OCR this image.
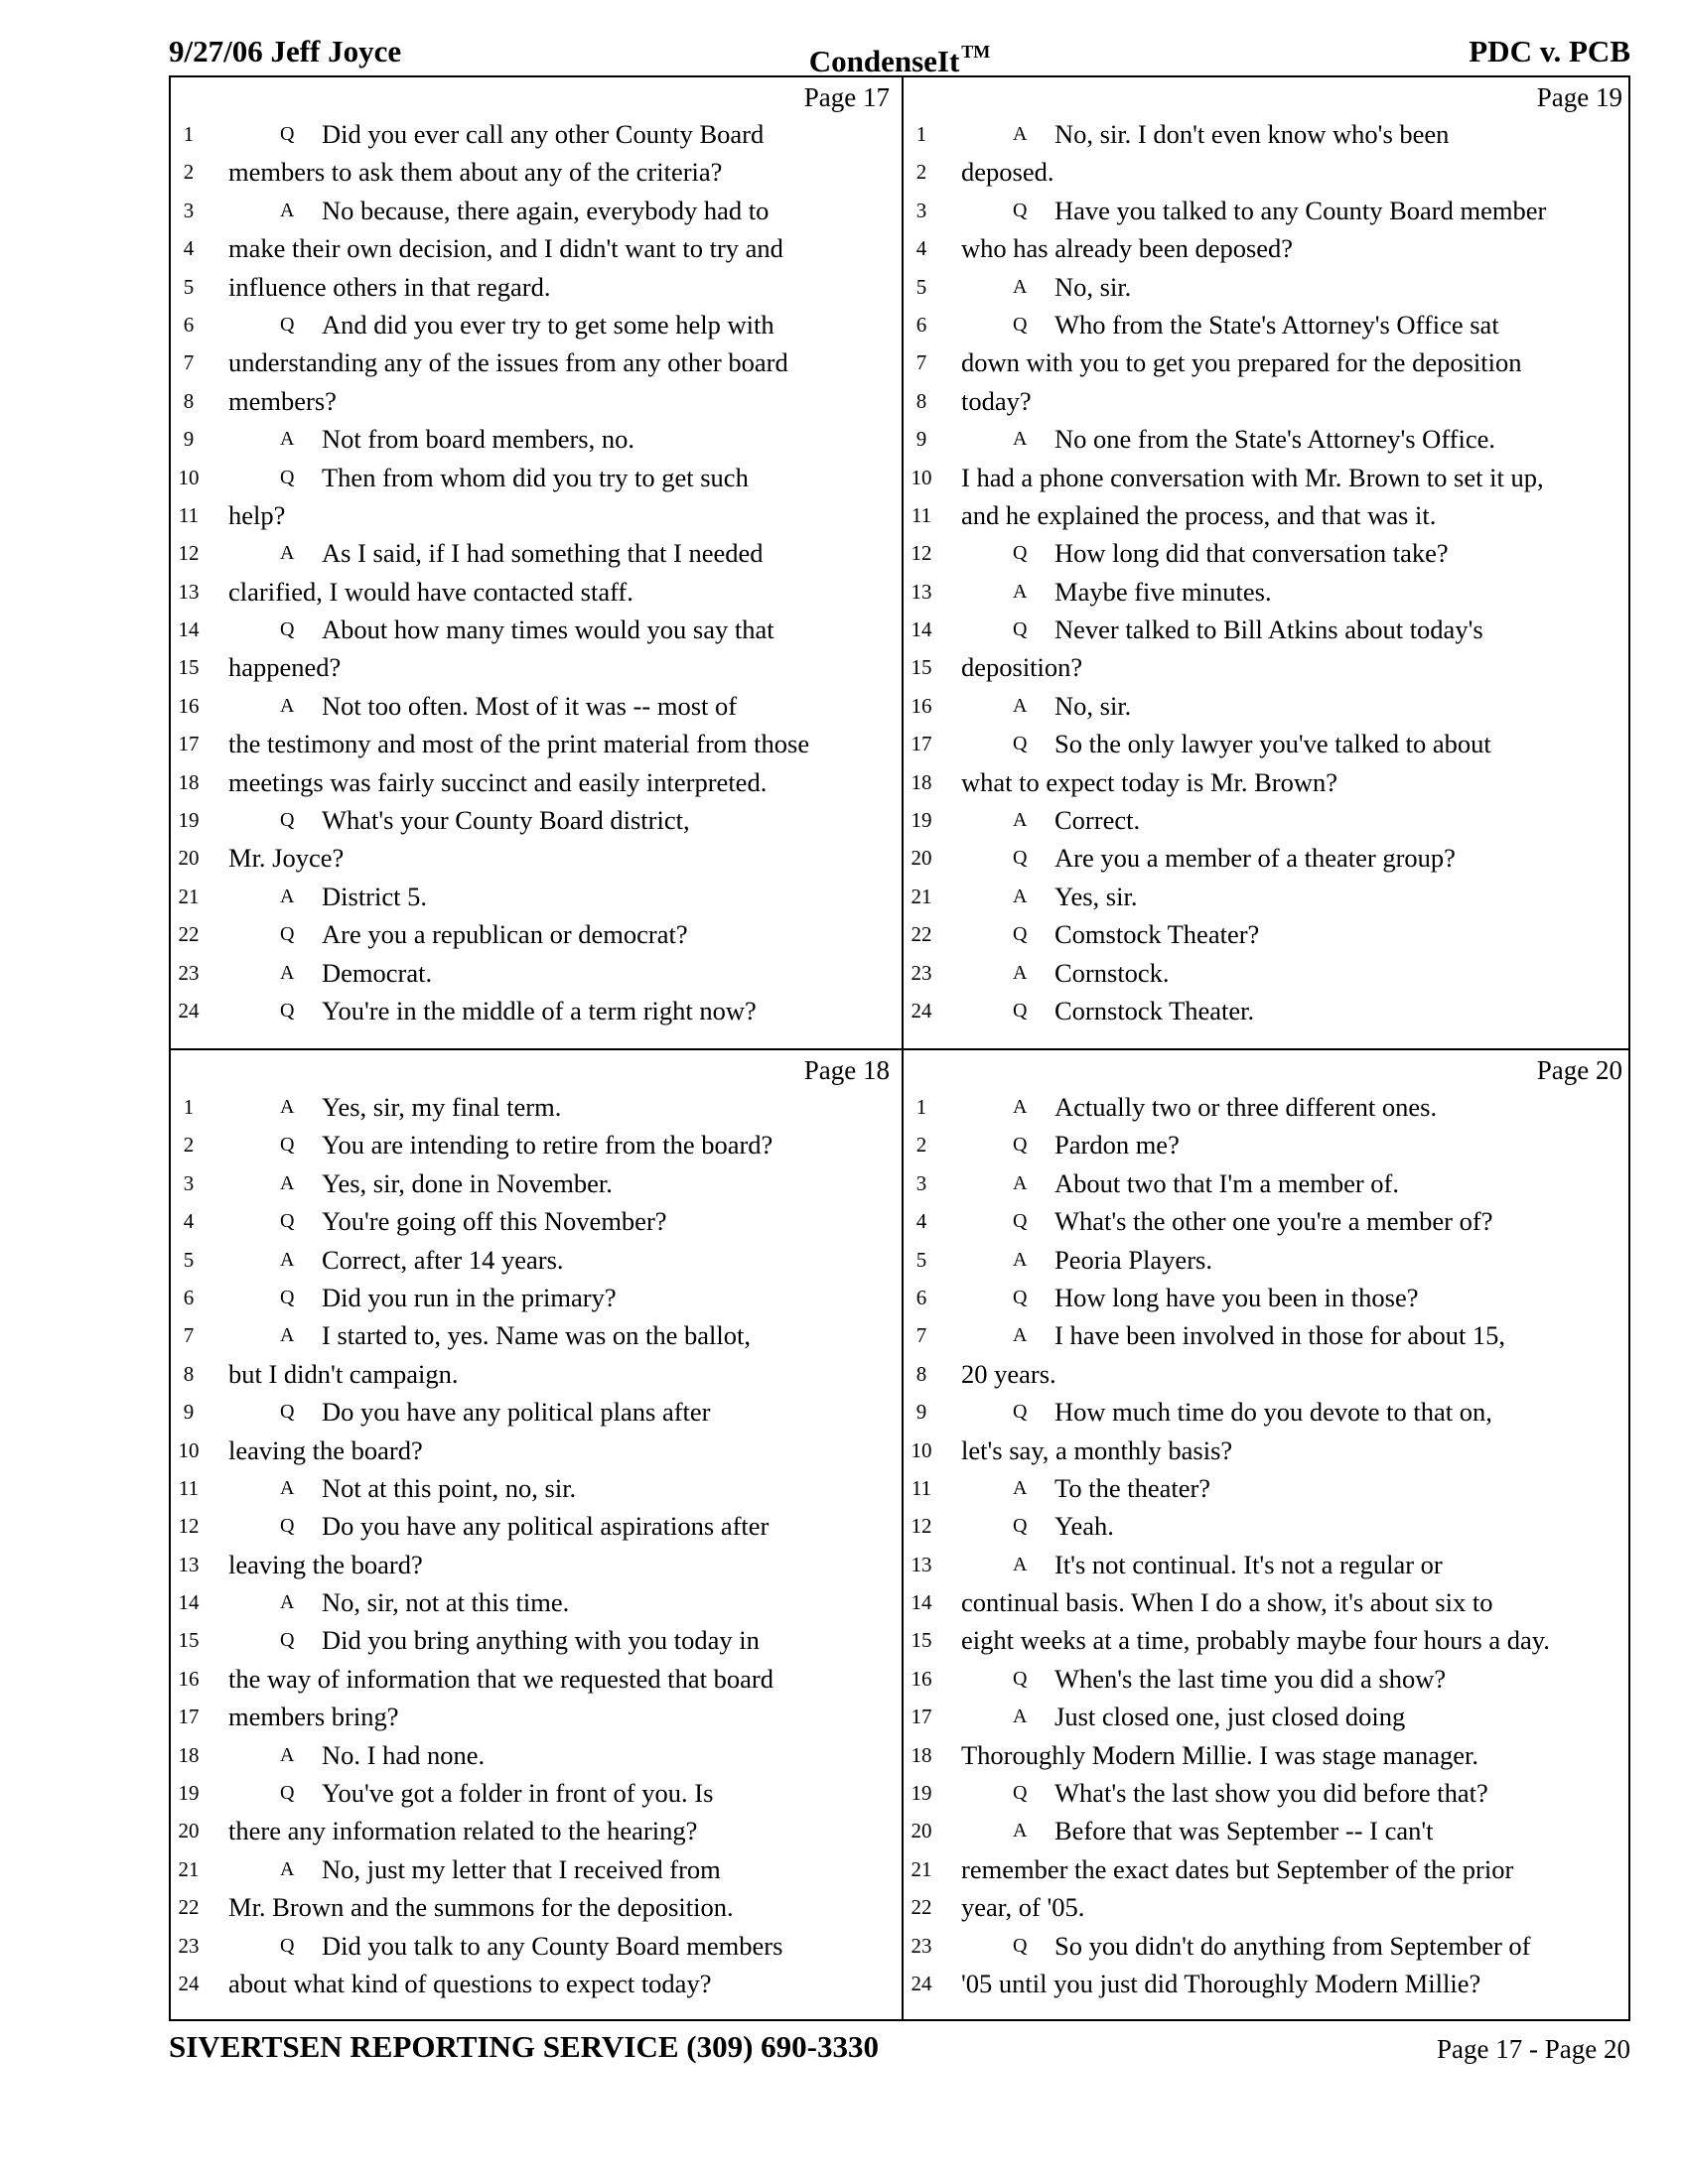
9/27/06 Jeff Joyce	CondenseIt ™	PDC v. PCB
Page 17
1	Q Did you ever call any other County Board
2 members to ask them about any of the criteria?
3	A No because, there again, everybody had to
4 make their own decision, and I didn't want to try and
5 influence others in that regard.
6	Q And did you ever try to get some help with
7 understanding any of the issues from any other board
8 members?
9	A Not from board members, no.
10	Q Then from whom did you try to get such
11 help?
12	A As I said, if I had something that I needed
13 clarified, I would have contacted staff.
14	Q About how many times would you say that
15 happened?
16	A Not too often. Most of it was -- most of
17 the testimony and most of the print material from those
18 meetings was fairly succinct and easily interpreted.
19	Q What's your County Board district,
20 Mr. Joyce?
21	A District 5.
22	Q Are you a republican or democrat?
23	A Democrat.
24	Q You're in the middle of a term right now?
Page 19
1	A No, sir. I don't even know who's been
2 deposed.
3	Q Have you talked to any County Board member
4 who has already been deposed?
5	A No, sir.
6	Q Who from the State's Attorney's Office sat
7 down with you to get you prepared for the deposition
8 today?
9	A No one from the State's Attorney's Office.
10 I had a phone conversation with Mr. Brown to set it up,
11 and he explained the process, and that was it.
12	Q How long did that conversation take?
13	A Maybe five minutes.
14	Q Never talked to Bill Atkins about today's
15 deposition?
16	A No, sir.
17	Q So the only lawyer you've talked to about
18 what to expect today is Mr. Brown?
19	A Correct.
20	Q Are you a member of a theater group?
21	A Yes, sir.
22	Q Comstock Theater?
23	A Cornstock.
24	Q Cornstock Theater.
Page 18
1	A Yes, sir, my final term.
2	Q You are intending to retire from the board?
3	A Yes, sir, done in November.
4	Q You're going off this November?
5	A Correct, after 14 years.
6	Q Did you run in the primary?
7	A I started to, yes. Name was on the ballot,
8 but I didn't campaign.
9	Q Do you have any political plans after
10 leaving the board?
11	A Not at this point, no, sir.
12	Q Do you have any political aspirations after
13 leaving the board?
14	A No, sir, not at this time.
15	Q Did you bring anything with you today in
16 the way of information that we requested that board
17 members bring?
18	A No. I had none.
19	Q You've got a folder in front of you. Is
20 there any information related to the hearing?
21	A No, just my letter that I received from
22 Mr. Brown and the summons for the deposition.
23	Q Did you talk to any County Board members
24 about what kind of questions to expect today?
Page 20
1	A Actually two or three different ones.
2	Q Pardon me?
3	A About two that I'm a member of.
4	Q What's the other one you're a member of?
5	A Peoria Players.
6	Q How long have you been in those?
7	A I have been involved in those for about 15,
8 20 years.
9	Q How much time do you devote to that on,
10 let's say, a monthly basis?
11	A To the theater?
12	Q Yeah.
13	A It's not continual. It's not a regular or
14 continual basis. When I do a show, it's about six to
15 eight weeks at a time, probably maybe four hours a day.
16	Q When's the last time you did a show?
17	A Just closed one, just closed doing
18 Thoroughly Modern Millie. I was stage manager.
19	Q What's the last show you did before that?
20	A Before that was September -- I can't
21 remember the exact dates but September of the prior
22 year, of '05.
23	Q So you didn't do anything from September of
24 '05 until you just did Thoroughly Modern Millie?
SIVERTSEN REPORTING SERVICE (309) 690-3330	Page 17 - Page 20
